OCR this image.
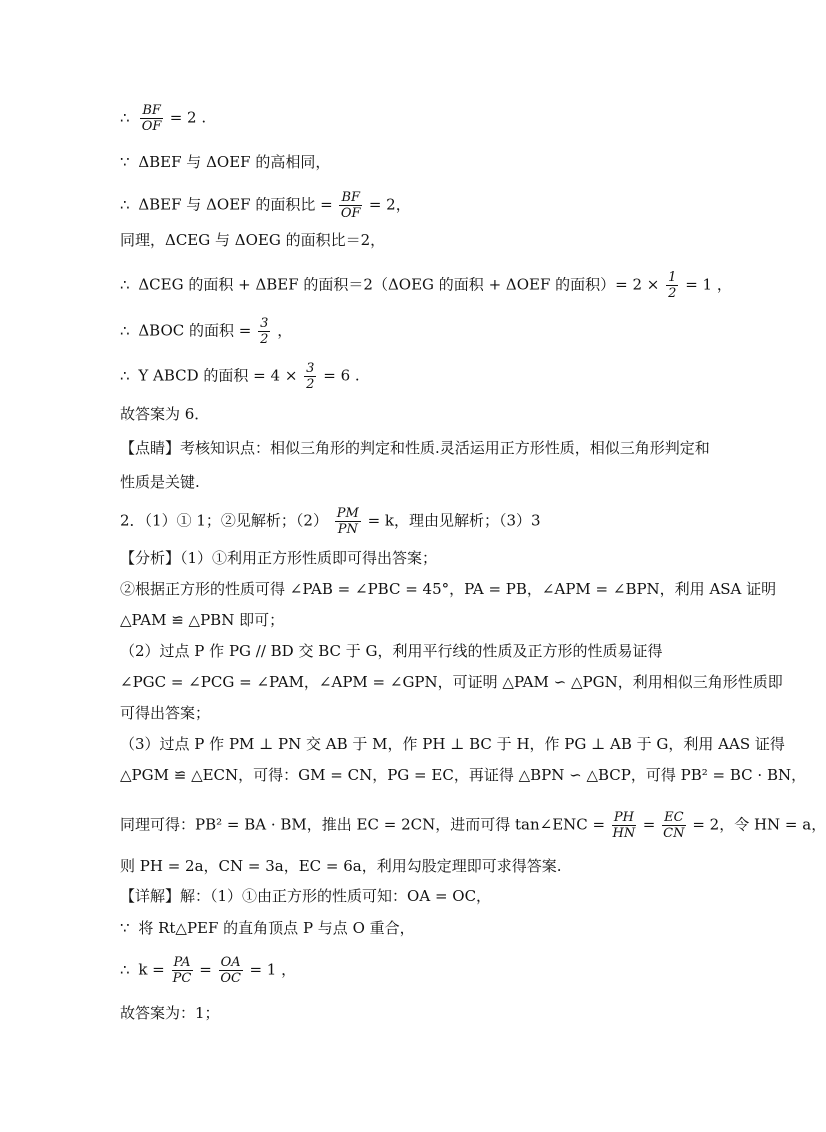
∴ $\frac{BF}{OF} = 2$ .
∵ ΔBEF 与 ΔOEF 的高相同，
∴ ΔBEF 与 ΔOEF 的面积比 = $\frac{BF}{OF} = 2$，
同理，ΔCEG 与 ΔOEG 的面积比＝2，
∴ ΔCEG 的面积 + ΔBEF 的面积＝2（ΔOEG 的面积 + ΔOEF 的面积）= $2 \times \frac{1}{2} = 1$ ，
∴ ΔBOC 的面积 = $\frac{3}{2}$ ，
∴ Y ABCD 的面积 = $4 \times \frac{3}{2} = 6$ .
故答案为 6．
【点睛】考核知识点：相似三角形的判定和性质.灵活运用正方形性质，相似三角形判定和
性质是关键.
2．（1）① 1；②见解析；$(2) \frac{PM}{PN} = k$，理由见解析；（3）3
【分析】（1）①利用正方形性质即可得出答案；
②根据正方形的性质可得 ∠PAB = ∠PBC = 45°，PA = PB，∠APM = ∠BPN，利用 ASA 证明
△PAM ≌ △PBN 即可；
（2）过点 P 作 PG // BD 交 BC 于 G，利用平行线的性质及正方形的性质易证得
∠PGC = ∠PCG = ∠PAM，∠APM = ∠GPN，可证明 △PAM ∽ △PGN，利用相似三角形性质即
可得出答案；
（3）过点 P 作 PM ⊥ PN 交 AB 于 M，作 PH ⊥ BC 于 H，作 PG ⊥ AB 于 G，利用 AAS 证得
△PGM ≌ △ECN，可得：GM = CN，PG = EC，再证得 △BPN ∽ △BCP，可得 PB² = BC · BN，
同理可得：PB² = BA · BM，推出 EC = 2CN，进而可得 tan∠ENC = $\frac{PH}{HN} = \frac{EC}{CN} = 2$，令 HN = a，
则 PH = 2a，CN = 3a，EC = 6a，利用勾股定理即可求得答案.
【详解】解：（1）①由正方形的性质可知：OA = OC，
∵ 将 Rt△PEF 的直角顶点 P 与点 O 重合，
∴ $k = \frac{PA}{PC} = \frac{OA}{OC} = 1$ ，
故答案为：1；
